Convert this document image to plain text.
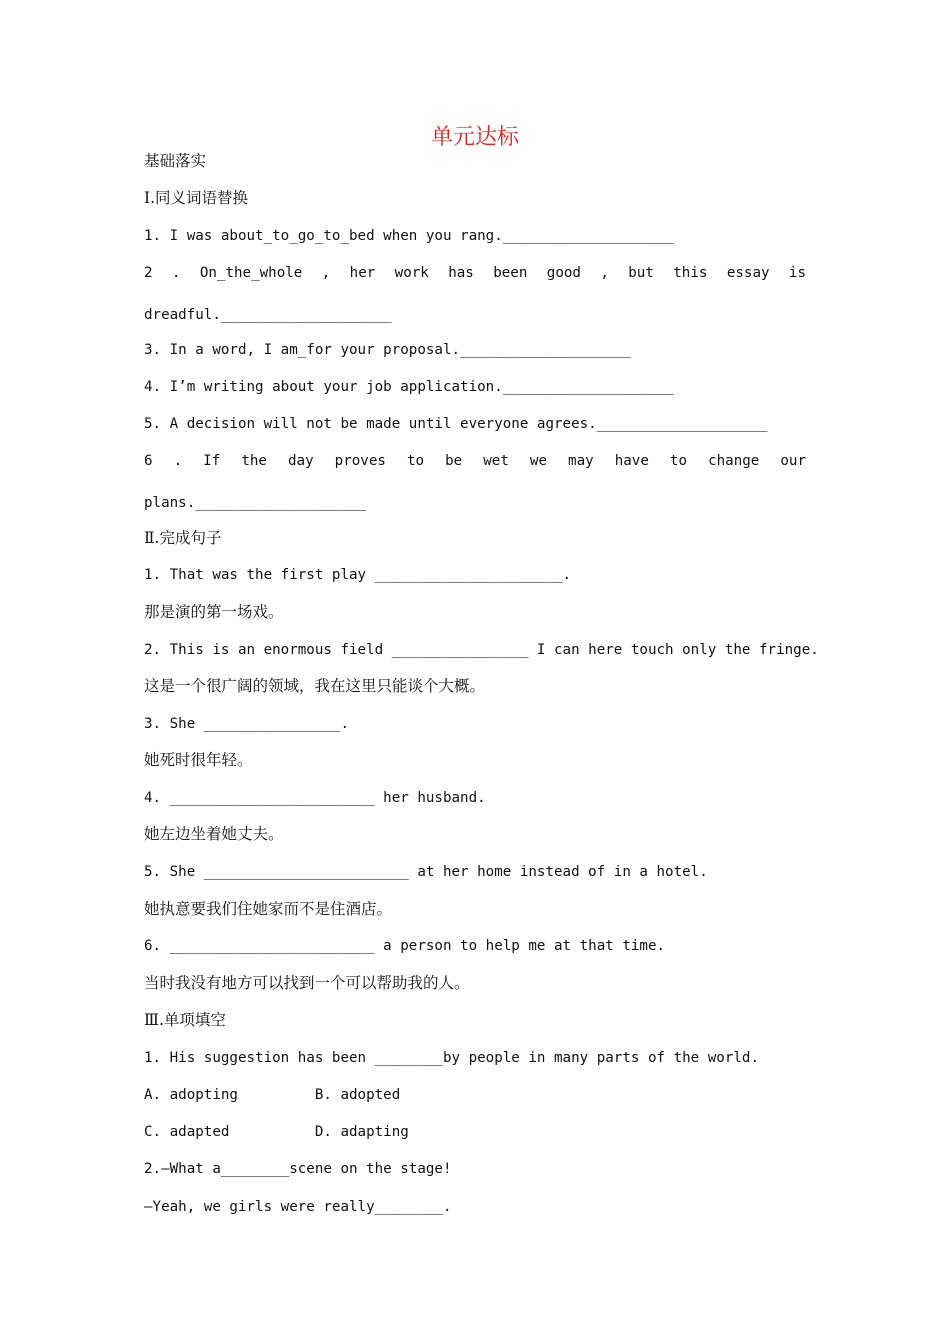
单元达标
基础落实
Ⅰ.同义词语替换
1. I was about_to_go_to_bed when you rang.____________________
2 . On_the_whole , her work has been good , but this essay is
dreadful.____________________
3. In a word, I am_for your proposal.____________________
4. I’m writing about your job application.____________________
5. A decision will not be made until everyone agrees.____________________
6 . If the day proves to be wet we may have to change our
plans.____________________
Ⅱ.完成句子
1. That was the first play ______________________.
那是演的第一场戏。
2. This is an enormous field ________________ I can here touch only the fringe.
这是一个很广阔的领域，我在这里只能谈个大概。
3. She ________________.
她死时很年轻。
4. ________________________ her husband.
她左边坐着她丈夫。
5. She ________________________ at her home instead of in a hotel.
她执意要我们住她家而不是住酒店。
6. ________________________ a person to help me at that time.
当时我没有地方可以找到一个可以帮助我的人。
Ⅲ.单项填空
1. His suggestion has been ________by people in many parts of the world.
A. adopting         B. adopted
C. adapted          D. adapting
2.—What a________scene on the stage!
—Yeah, we girls were really________.
